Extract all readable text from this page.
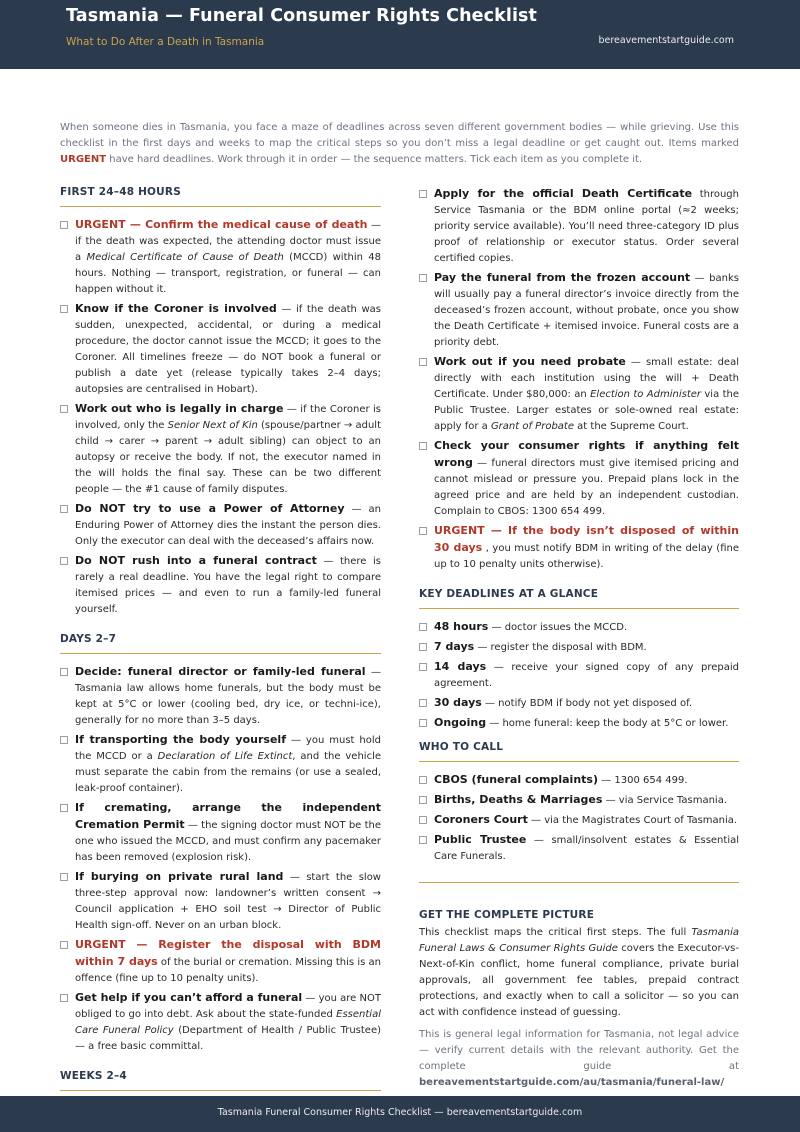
Tasmania — Funeral Consumer Rights Checklist
What to Do After a Death in Tasmania	bereavementstartguide.com
When someone dies in Tasmania, you face a maze of deadlines across seven different government bodies — while grieving. Use this checklist in the first days and weeks to map the critical steps so you don’t miss a legal deadline or get caught out. Items marked URGENT have hard deadlines. Work through it in order — the sequence matters. Tick each item as you complete it.
FIRST 24–48 HOURS
URGENT — Confirm the medical cause of death — if the death was expected, the attending doctor must issue a Medical Certificate of Cause of Death (MCCD) within 48 hours. Nothing — transport, registration, or funeral — can happen without it.
Know if the Coroner is involved — if the death was sudden, unexpected, accidental, or during a medical procedure, the doctor cannot issue the MCCD; it goes to the Coroner. All timelines freeze — do NOT book a funeral or publish a date yet (release typically takes 2–4 days; autopsies are centralised in Hobart).
Work out who is legally in charge — if the Coroner is involved, only the Senior Next of Kin (spouse/partner → adult child → carer → parent → adult sibling) can object to an autopsy or receive the body. If not, the executor named in the will holds the final say. These can be two different people — the #1 cause of family disputes.
Do NOT try to use a Power of Attorney — an Enduring Power of Attorney dies the instant the person dies. Only the executor can deal with the deceased’s affairs now.
Do NOT rush into a funeral contract — there is rarely a real deadline. You have the legal right to compare itemised prices — and even to run a family-led funeral yourself.
DAYS 2–7
Decide: funeral director or family-led funeral — Tasmania law allows home funerals, but the body must be kept at 5°C or lower (cooling bed, dry ice, or techni-ice), generally for no more than 3–5 days.
If transporting the body yourself — you must hold the MCCD or a Declaration of Life Extinct, and the vehicle must separate the cabin from the remains (or use a sealed, leak-proof container).
If cremating, arrange the independent Cremation Permit — the signing doctor must NOT be the one who issued the MCCD, and must confirm any pacemaker has been removed (explosion risk).
If burying on private rural land — start the slow three-step approval now: landowner’s written consent → Council application + EHO soil test → Director of Public Health sign-off. Never on an urban block.
URGENT — Register the disposal with BDM within 7 days of the burial or cremation. Missing this is an offence (fine up to 10 penalty units).
Get help if you can’t afford a funeral — you are NOT obliged to go into debt. Ask about the state-funded Essential Care Funeral Policy (Department of Health / Public Trustee) — a free basic committal.
WEEKS 2–4
Apply for the official Death Certificate through Service Tasmania or the BDM online portal (≈2 weeks; priority service available). You’ll need three-category ID plus proof of relationship or executor status. Order several certified copies.
Pay the funeral from the frozen account — banks will usually pay a funeral director’s invoice directly from the deceased’s frozen account, without probate, once you show the Death Certificate + itemised invoice. Funeral costs are a priority debt.
Work out if you need probate — small estate: deal directly with each institution using the will + Death Certificate. Under $80,000: an Election to Administer via the Public Trustee. Larger estates or sole-owned real estate: apply for a Grant of Probate at the Supreme Court.
Check your consumer rights if anything felt wrong — funeral directors must give itemised pricing and cannot mislead or pressure you. Prepaid plans lock in the agreed price and are held by an independent custodian. Complain to CBOS: 1300 654 499.
URGENT — If the body isn’t disposed of within 30 days , you must notify BDM in writing of the delay (fine up to 10 penalty units otherwise).
KEY DEADLINES AT A GLANCE
48 hours — doctor issues the MCCD.
7 days — register the disposal with BDM.
14 days — receive your signed copy of any prepaid agreement.
30 days — notify BDM if body not yet disposed of.
Ongoing — home funeral: keep the body at 5°C or lower.
WHO TO CALL
CBOS (funeral complaints) — 1300 654 499.
Births, Deaths & Marriages — via Service Tasmania.
Coroners Court — via the Magistrates Court of Tasmania.
Public Trustee — small/insolvent estates & Essential Care Funerals.
GET THE COMPLETE PICTURE
This checklist maps the critical first steps. The full Tasmania Funeral Laws & Consumer Rights Guide covers the Executor-vs-Next-of-Kin conflict, home funeral compliance, private burial approvals, all government fee tables, prepaid contract protections, and exactly when to call a solicitor — so you can act with confidence instead of guessing.
This is general legal information for Tasmania, not legal advice — verify current details with the relevant authority. Get the complete guide at bereavementstartguide.com/au/tasmania/funeral-law/
Tasmania Funeral Consumer Rights Checklist — bereavementstartguide.com
